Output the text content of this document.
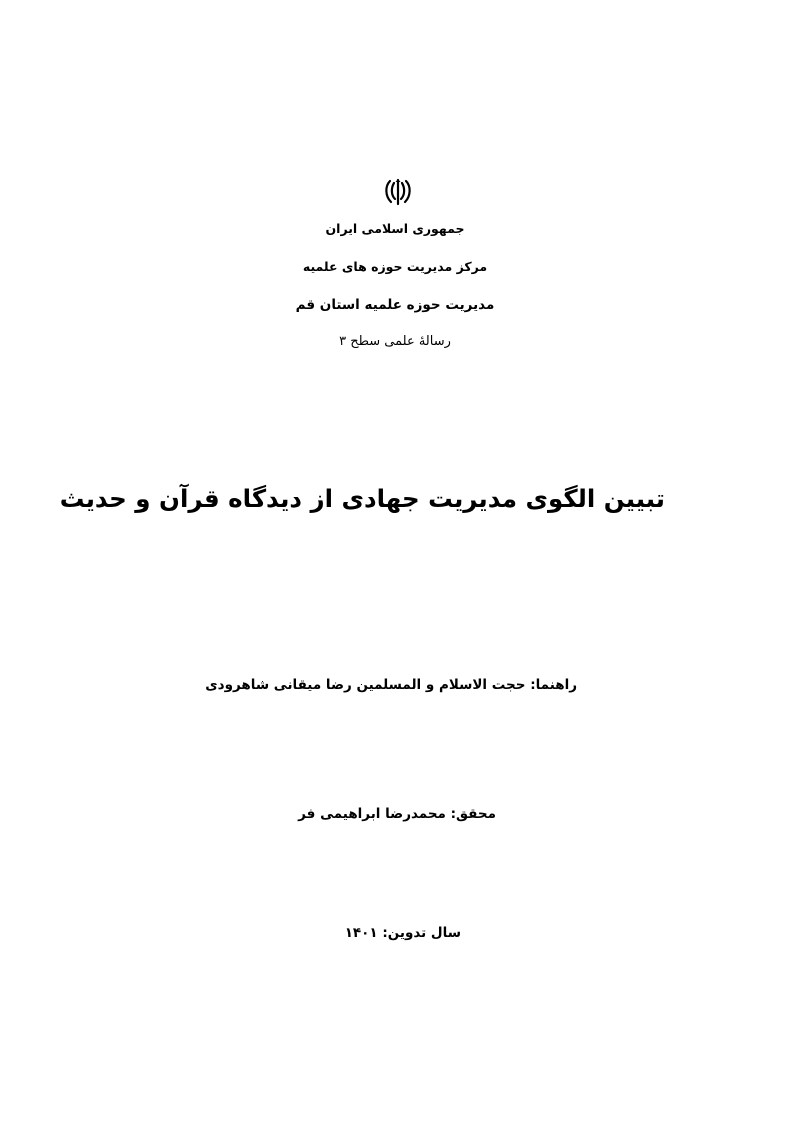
جمهوری اسلامی ایران
مرکز مدیریت حوزه های علمیه
مدیریت حوزه علمیه استان قم
رسالهٔ علمی سطح ۳
تبیین الگوی مدیریت جهادی از دیدگاه قرآن و حدیث
راهنما: حجت الاسلام و المسلمین رضا میقانی شاهرودی
محقق: محمدرضا ابراهیمی فر
سال تدوین: ۱۴۰۱
